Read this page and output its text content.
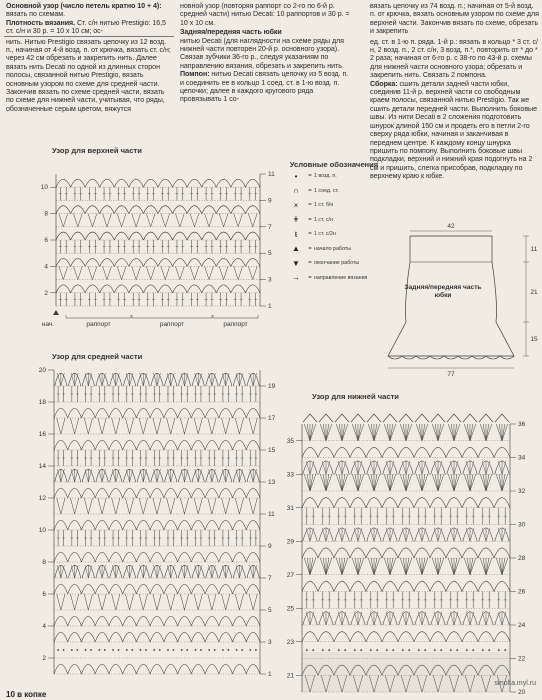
Основной узор (число петель кратно 10 + 4): вязать по схемам.

Плотность вязания. Ст. с/н нитью Prestigio: 16,5 ст. с/н и 30 р. = 10 х 10 см; ос-

нить. Нитью Prestigio связать цепочку из 12 возд. п., начиная от 4-й возд. п. от крючка, вязать ст. с/н; через 42 см обрезать и закрепить нить. Далее вязать нить Decati по одной из длинных сторон полосы, связанной нитью Prestigio, вязать основным узором по схеме для средней части. Закончив вязать по схеме средней части, вязать по схеме для нижней части, учитывая, что ряды, обозначенные серым цветом, вяжутся

новной узор (повторяя раппорт со 2-го по 6-й р. средней части) нитью Decati: 10 раппортов и 30 р. = 10 х 10 см.

Задняя/передняя часть юбки

нитью Decati (для наглядности на схеме ряды для нижней части повторен 20-й р. основного узора). Связав зубчики 36-го р., следуя указаниям по направлению вязания, обрезать и закрепить нить.

Помпон: нитью Decati связать цепочку из 5 возд. п. и соединить ее в кольцо 1 соед. ст. в 1-ю возд. п. цепочки; далее в каждого кругового ряда провязывать 1 со-

вязать цепочку из 74 возд. п.; начиная от 5-й возд. п. от крючка, вязать основным узором по схеме для верхней части. Закончив вязать по схеме, обрезать и закрепить

ед. ст. в 1-ю п. ряда. 1-й р.: вязать в кольцо * 3 ст. с/н, 2 возд. п., 2 ст. с/н, 3 возд. п.*, повторить от * до * 2 раза; начиная от 6-го р. с 38-го по 43-й р. схемы для нижней части основного узора; обрезать и закрепить нить. Связать 2 помпона.

Сборка: сшить детали задней части юбки, соединив 11-й р. верхней части со свободным краем полосы, связанной нитью Prestigio. Так же сшить детали передней части. Выполнить боковые швы. Из нити Decati в 2 сложения подготовить шнурок длиной 150 см и продеть его в петли 2-го сверху ряда юбки, начиная и заканчивая в переднем центре. К каждому концу шнурка пришить по помпону. Выполнить боковые швы подкладки, верхний и нижний края подогнуть на 2 см и пришить, слегка присобрав, подкладку по верхнему краю к юбке.

Узор для верхней части
11
10
9
8
7
6
5
4
3
2
1
раппорт	раппорт	раппорт
нач.
Условные обозначения
•	= 1 возд. п.
∩	= 1 соед. ст.
×	= 1 ст. б/н
ǂ	= 1 ст. с/н
ŧ	= 1 ст. с/2н
▲	= начало работы
▼	= окончание работы
→	= направление вязания
42
77
11
21
15
Задняя/передняя часть юбки
Узор для средней части
20
19
18
17
16
15
14
13
12
11
10
9
8
7
6
5
4
3
2
1
Узор для нижней части
36
35
34
33
32
31
30
29
28
27
26
25
24
23
22
21
20
10 в копке
smolta.myl.ru
